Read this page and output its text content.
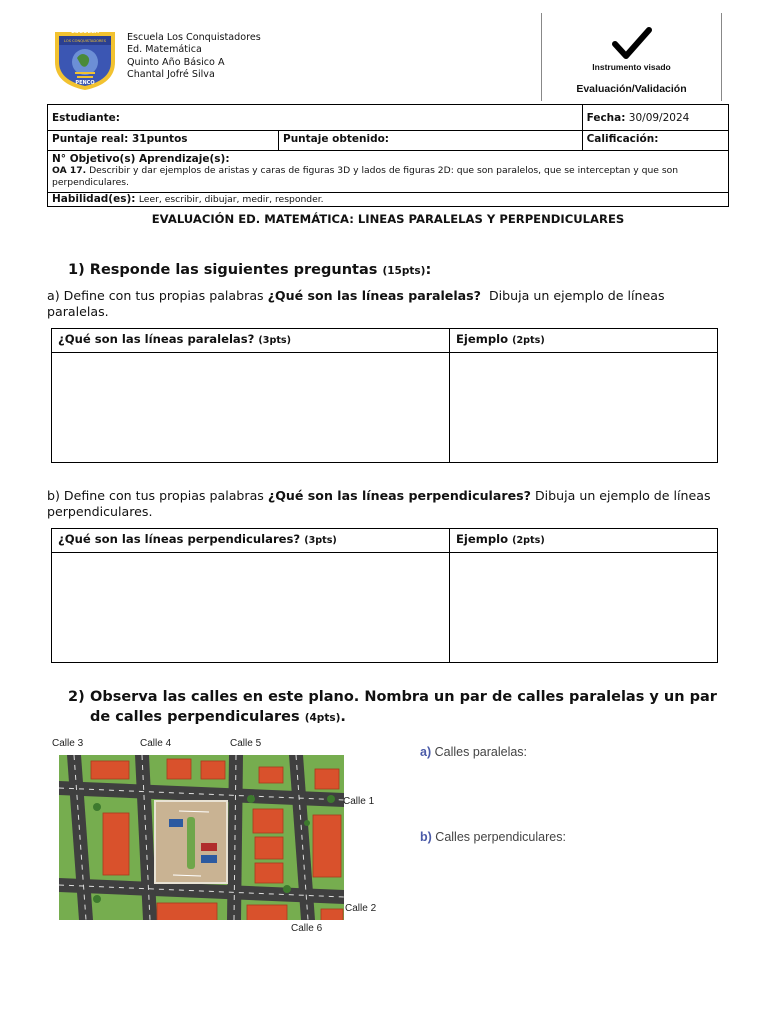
ESCUELA
LOS CONQUISTADORES
PENCO
Escuela Los Conquistadores
Ed. Matemática
Quinto Año Básico A
Chantal Jofré Silva
Instrumento visado
Evaluación/Validación
Estudiante:		Fecha: 30/09/2024
Puntaje real: 31puntos	Puntaje obtenido:	Calificación:

N° Objetivo(s) Aprendizaje(s):
OA 17. Describir y dar ejemplos de aristas y caras de figuras 3D y lados de figuras 2D: que son paralelos, que se interceptan y que son perpendiculares.		

Habilidad(es): Leer, escribir, dibujar, medir, responder.		
EVALUACIÓN ED. MATEMÁTICA: LINEAS PARALELAS Y PERPENDICULARES
1) Responde las siguientes preguntas (15pts):
a) Define con tus propias palabras ¿Qué son las líneas paralelas? Dibuja un ejemplo de líneas paralelas.
¿Qué son las líneas paralelas? (3pts)	Ejemplo (2pts)

b) Define con tus propias palabras ¿Qué son las líneas perpendiculares? Dibuja un ejemplo de líneas perpendiculares.
¿Qué son las líneas perpendiculares? (3pts)	Ejemplo (2pts)

2) Observa las calles en este plano. Nombra un par de calles paralelas y un par de calles perpendiculares (4pts).
Calle 3	Calle 4	Calle 5
Calle 1
Calle 2
Calle 6
a) Calles paralelas:
b) Calles perpendiculares:
